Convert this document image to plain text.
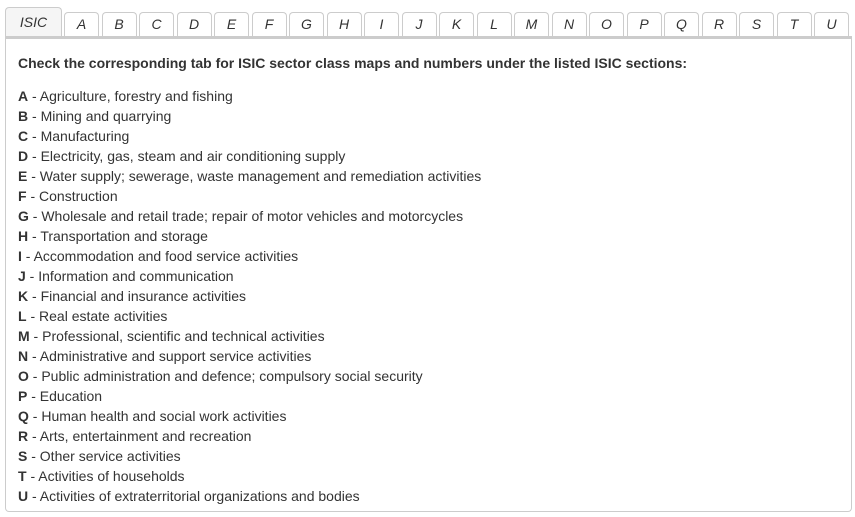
ISIC	A	B	C	D	E	F	G	H	I	J	K	L	M	N	O	P	Q	R	S	T	U
Check the corresponding tab for ISIC sector class maps and numbers under the listed ISIC sections:
A - Agriculture, forestry and fishing
B - Mining and quarrying
C - Manufacturing
D - Electricity, gas, steam and air conditioning supply
E - Water supply; sewerage, waste management and remediation activities
F - Construction
G - Wholesale and retail trade; repair of motor vehicles and motorcycles
H - Transportation and storage
I - Accommodation and food service activities
J - Information and communication
K - Financial and insurance activities
L - Real estate activities
M - Professional, scientific and technical activities
N - Administrative and support service activities
O - Public administration and defence; compulsory social security
P - Education
Q - Human health and social work activities
R - Arts, entertainment and recreation
S - Other service activities
T - Activities of households
U - Activities of extraterritorial organizations and bodies
